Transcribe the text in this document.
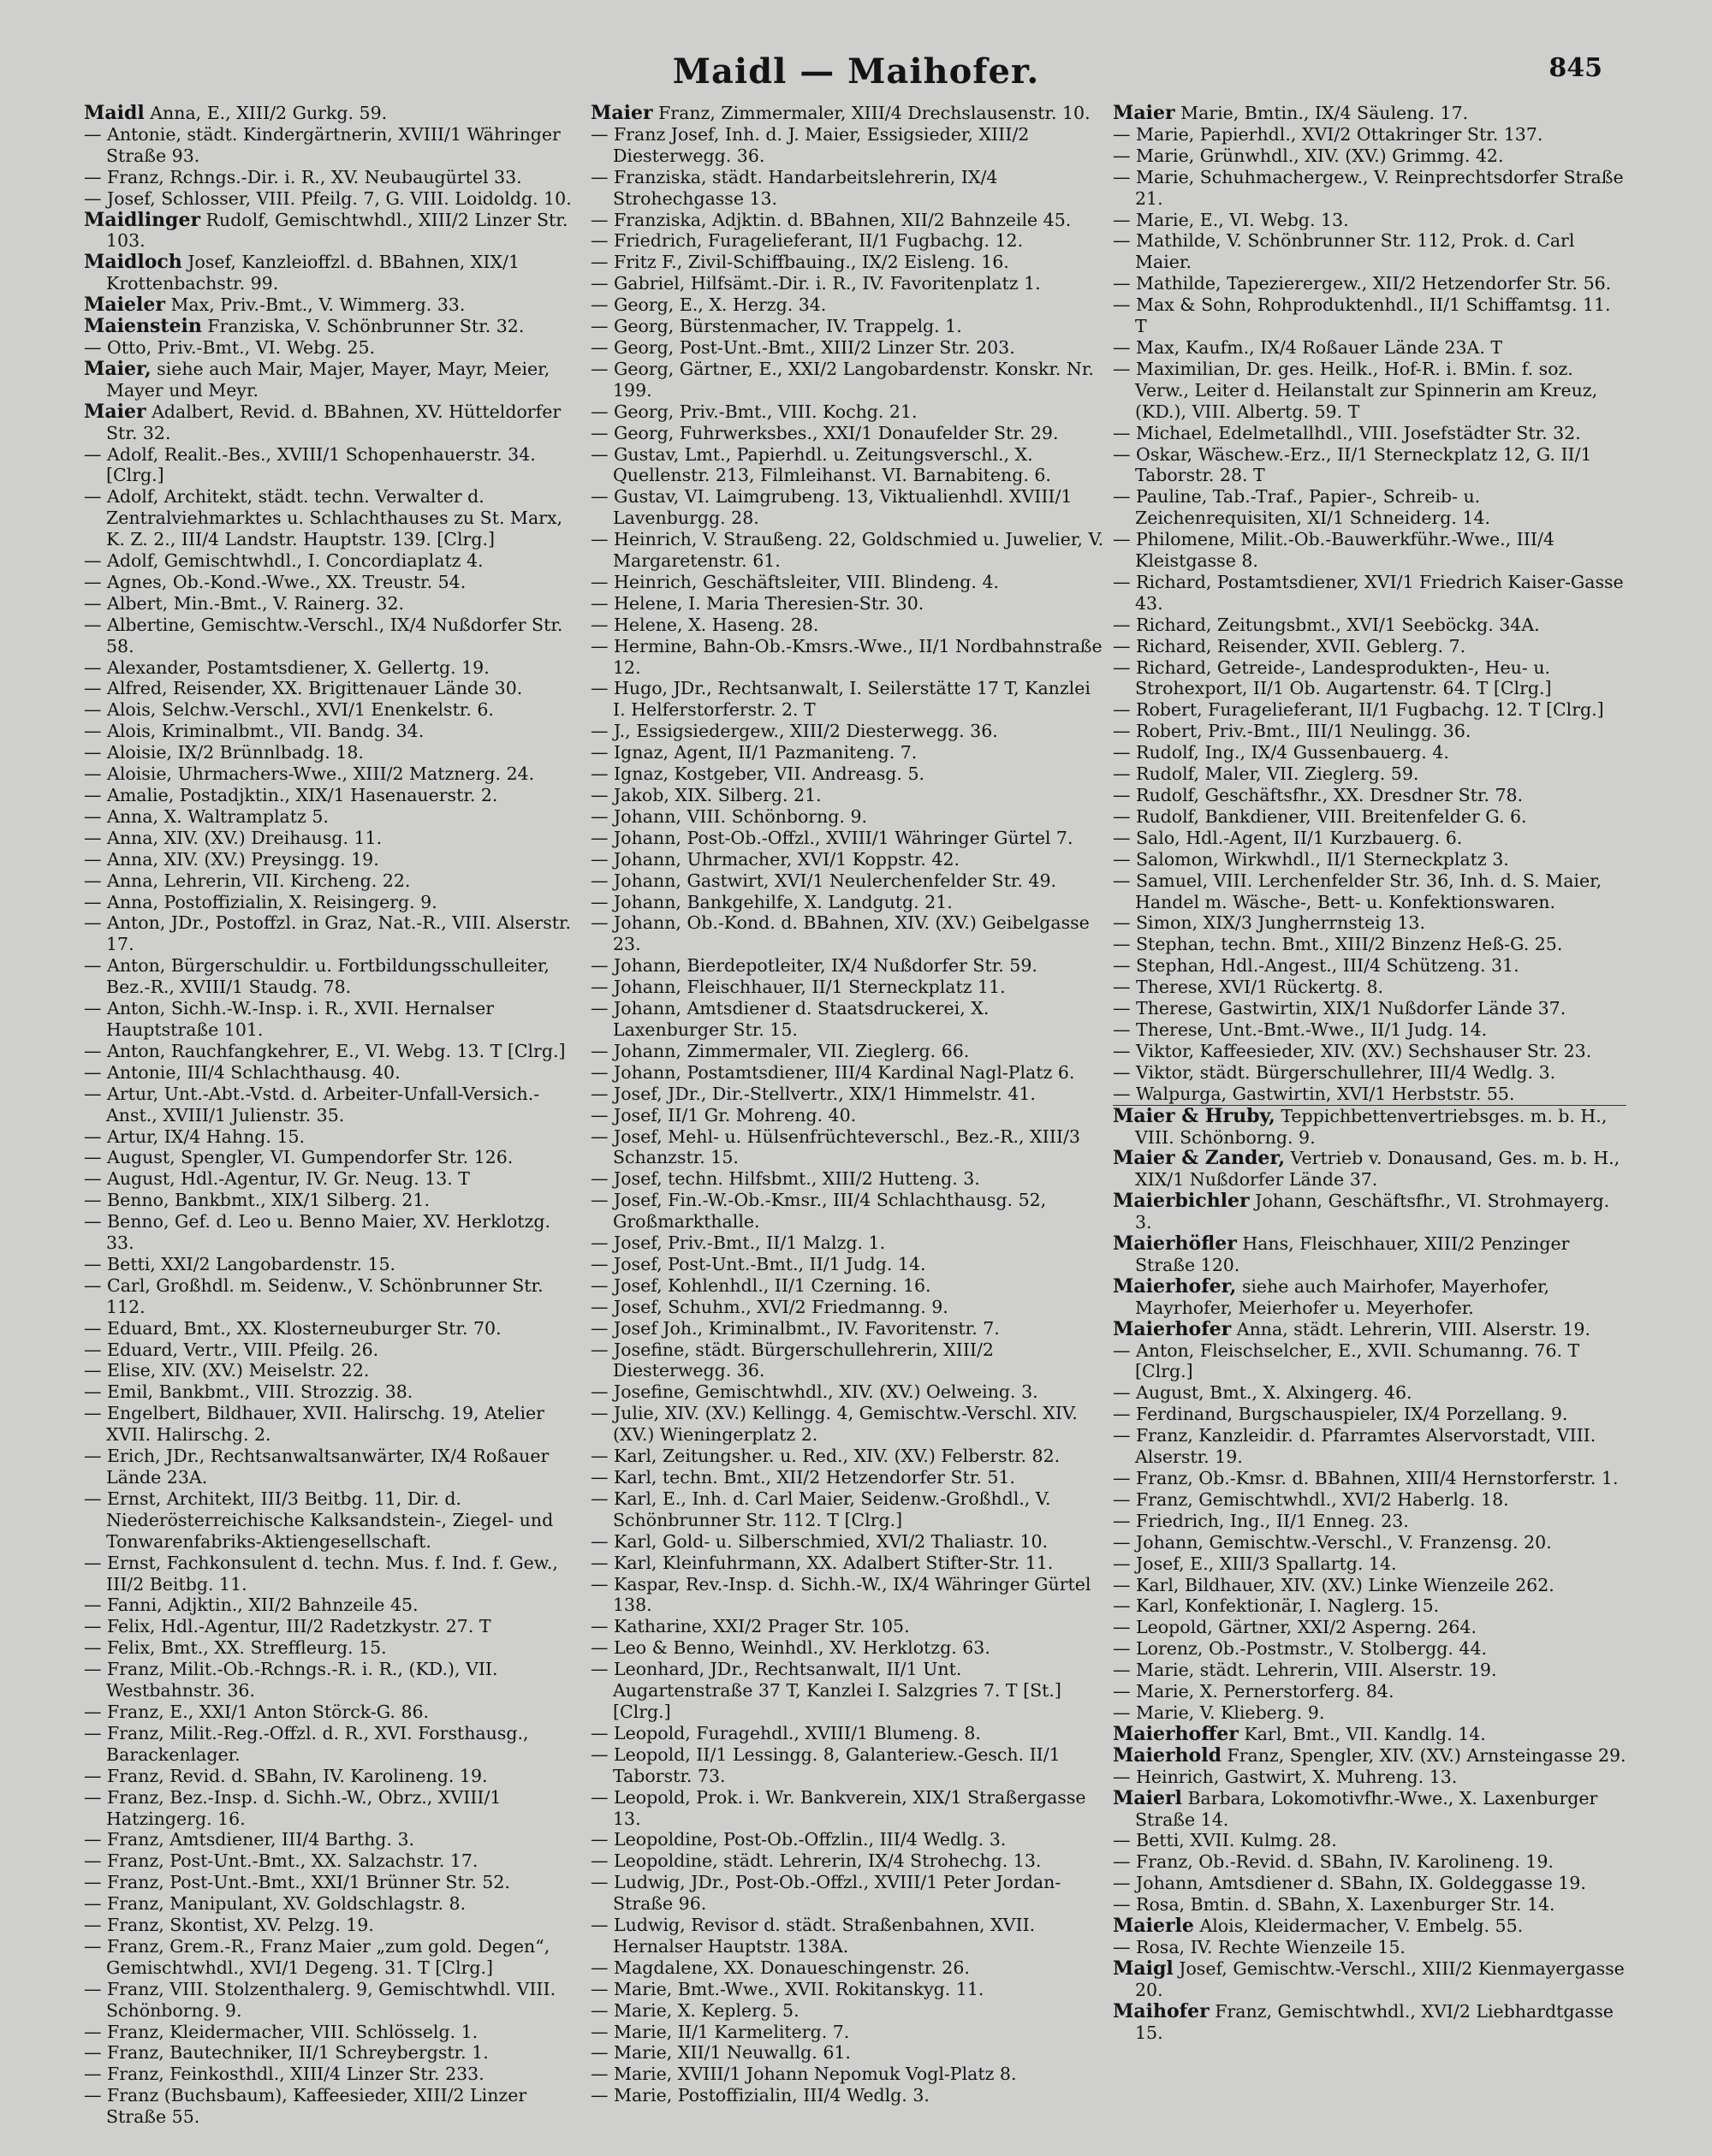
Maidl — Maihofer.	845

Maidl Anna, E., XIII/2 Gurkg. 59.

— Antonie, städt. Kindergärtnerin, XVIII/1 Währinger Straße 93.

— Franz, Rchngs.-Dir. i. R., XV. Neubaugürtel 33.

— Josef, Schlosser, VIII. Pfeilg. 7, G. VIII. Loidoldg. 10.

Maidlinger Rudolf, Gemischtwhdl., XIII/2 Linzer Str. 103.

Maidloch Josef, Kanzleioffzl. d. BBahnen, XIX/1 Krottenbachstr. 99.

Maieler Max, Priv.-Bmt., V. Wimmerg. 33.

Maienstein Franziska, V. Schönbrunner Str. 32.

— Otto, Priv.-Bmt., VI. Webg. 25.

Maier, siehe auch Mair, Majer, Mayer, Mayr, Meier, Mayer und Meyr.

Maier Adalbert, Revid. d. BBahnen, XV. Hütteldorfer Str. 32.

— Adolf, Realit.-Bes., XVIII/1 Schopenhauerstr. 34. [Clrg.]

— Adolf, Architekt, städt. techn. Verwalter d. Zentralviehmarktes u. Schlachthauses zu St. Marx, K. Z. 2., III/4 Landstr. Hauptstr. 139. [Clrg.]

— Adolf, Gemischtwhdl., I. Concordiaplatz 4.

— Agnes, Ob.-Kond.-Wwe., XX. Treustr. 54.

— Albert, Min.-Bmt., V. Rainerg. 32.

— Albertine, Gemischtw.-Verschl., IX/4 Nußdorfer Str. 58.

— Alexander, Postamtsdiener, X. Gellertg. 19.

— Alfred, Reisender, XX. Brigittenauer Lände 30.

— Alois, Selchw.-Verschl., XVI/1 Enenkelstr. 6.

— Alois, Kriminalbmt., VII. Bandg. 34.

— Aloisie, IX/2 Brünnlbadg. 18.

— Aloisie, Uhrmachers-Wwe., XIII/2 Matznerg. 24.

— Amalie, Postadjktin., XIX/1 Hasenauerstr. 2.

— Anna, X. Waltramplatz 5.

— Anna, XIV. (XV.) Dreihausg. 11.

— Anna, XIV. (XV.) Preysingg. 19.

— Anna, Lehrerin, VII. Kircheng. 22.

— Anna, Postoffizialin, X. Reisingerg. 9.

— Anton, JDr., Postoffzl. in Graz, Nat.-R., VIII. Alserstr. 17.

— Anton, Bürgerschuldir. u. Fortbildungsschulleiter, Bez.-R., XVIII/1 Staudg. 78.

— Anton, Sichh.-W.-Insp. i. R., XVII. Hernalser Hauptstraße 101.

— Anton, Rauchfangkehrer, E., VI. Webg. 13. T [Clrg.]

— Antonie, III/4 Schlachthausg. 40.

— Artur, Unt.-Abt.-Vstd. d. Arbeiter-Unfall-Versich.-Anst., XVIII/1 Julienstr. 35.

— Artur, IX/4 Hahng. 15.

— August, Spengler, VI. Gumpendorfer Str. 126.

— August, Hdl.-Agentur, IV. Gr. Neug. 13. T

— Benno, Bankbmt., XIX/1 Silberg. 21.

— Benno, Gef. d. Leo u. Benno Maier, XV. Herklotzg. 33.

— Betti, XXI/2 Langobardenstr. 15.

— Carl, Großhdl. m. Seidenw., V. Schönbrunner Str. 112.

— Eduard, Bmt., XX. Klosterneuburger Str. 70.

— Eduard, Vertr., VIII. Pfeilg. 26.

— Elise, XIV. (XV.) Meiselstr. 22.

— Emil, Bankbmt., VIII. Strozzig. 38.

— Engelbert, Bildhauer, XVII. Halirschg. 19, Atelier XVII. Halirschg. 2.

— Erich, JDr., Rechtsanwaltsanwärter, IX/4 Roßauer Lände 23A.

— Ernst, Architekt, III/3 Beitbg. 11, Dir. d. Niederösterreichische Kalksandstein-, Ziegel- und Tonwarenfabriks-Aktiengesellschaft.

— Ernst, Fachkonsulent d. techn. Mus. f. Ind. f. Gew., III/2 Beitbg. 11.

— Fanni, Adjktin., XII/2 Bahnzeile 45.

— Felix, Hdl.-Agentur, III/2 Radetzkystr. 27. T

— Felix, Bmt., XX. Streffleurg. 15.

— Franz, Milit.-Ob.-Rchngs.-R. i. R., (KD.), VII. Westbahnstr. 36.

— Franz, E., XXI/1 Anton Störck-G. 86.

— Franz, Milit.-Reg.-Offzl. d. R., XVI. Forsthausg., Barackenlager.

— Franz, Revid. d. SBahn, IV. Karolineng. 19.

— Franz, Bez.-Insp. d. Sichh.-W., Obrz., XVIII/1 Hatzingerg. 16.

— Franz, Amtsdiener, III/4 Barthg. 3.

— Franz, Post-Unt.-Bmt., XX. Salzachstr. 17.

— Franz, Post-Unt.-Bmt., XXI/1 Brünner Str. 52.

— Franz, Manipulant, XV. Goldschlagstr. 8.

— Franz, Skontist, XV. Pelzg. 19.

— Franz, Grem.-R., Franz Maier „zum gold. Degen“, Gemischtwhdl., XVI/1 Degeng. 31. T [Clrg.]

— Franz, VIII. Stolzenthalerg. 9, Gemischtwhdl. VIII. Schönborng. 9.

— Franz, Kleidermacher, VIII. Schlösselg. 1.

— Franz, Bautechniker, II/1 Schreybergstr. 1.

— Franz, Feinkosthdl., XIII/4 Linzer Str. 233.

— Franz (Buchsbaum), Kaffeesieder, XIII/2 Linzer Straße 55.

Maier Franz, Zimmermaler, XIII/4 Drechslausenstr. 10.

— Franz Josef, Inh. d. J. Maier, Essigsieder, XIII/2 Diesterwegg. 36.

— Franziska, städt. Handarbeitslehrerin, IX/4 Strohechgasse 13.

— Franziska, Adjktin. d. BBahnen, XII/2 Bahnzeile 45.

— Friedrich, Furagelieferant, II/1 Fugbachg. 12.

— Fritz F., Zivil-Schiffbauing., IX/2 Eisleng. 16.

— Gabriel, Hilfsämt.-Dir. i. R., IV. Favoritenplatz 1.

— Georg, E., X. Herzg. 34.

— Georg, Bürstenmacher, IV. Trappelg. 1.

— Georg, Post-Unt.-Bmt., XIII/2 Linzer Str. 203.

— Georg, Gärtner, E., XXI/2 Langobardenstr. Konskr. Nr. 199.

— Georg, Priv.-Bmt., VIII. Kochg. 21.

— Georg, Fuhrwerksbes., XXI/1 Donaufelder Str. 29.

— Gustav, Lmt., Papierhdl. u. Zeitungsverschl., X. Quellenstr. 213, Filmleihanst. VI. Barnabiteng. 6.

— Gustav, VI. Laimgrubeng. 13, Viktualienhdl. XVIII/1 Lavenburgg. 28.

— Heinrich, V. Straußeng. 22, Goldschmied u. Juwelier, V. Margaretenstr. 61.

— Heinrich, Geschäftsleiter, VIII. Blindeng. 4.

— Helene, I. Maria Theresien-Str. 30.

— Helene, X. Haseng. 28.

— Hermine, Bahn-Ob.-Kmsrs.-Wwe., II/1 Nordbahnstraße 12.

— Hugo, JDr., Rechtsanwalt, I. Seilerstätte 17 T, Kanzlei I. Helferstorferstr. 2. T

— J., Essigsiedergew., XIII/2 Diesterwegg. 36.

— Ignaz, Agent, II/1 Pazmaniteng. 7.

— Ignaz, Kostgeber, VII. Andreasg. 5.

— Jakob, XIX. Silberg. 21.

— Johann, VIII. Schönborng. 9.

— Johann, Post-Ob.-Offzl., XVIII/1 Währinger Gürtel 7.

— Johann, Uhrmacher, XVI/1 Koppstr. 42.

— Johann, Gastwirt, XVI/1 Neulerchenfelder Str. 49.

— Johann, Bankgehilfe, X. Landgutg. 21.

— Johann, Ob.-Kond. d. BBahnen, XIV. (XV.) Geibelgasse 23.

— Johann, Bierdepotleiter, IX/4 Nußdorfer Str. 59.

— Johann, Fleischhauer, II/1 Sterneckplatz 11.

— Johann, Amtsdiener d. Staatsdruckerei, X. Laxenburger Str. 15.

— Johann, Zimmermaler, VII. Zieglerg. 66.

— Johann, Postamtsdiener, III/4 Kardinal Nagl-Platz 6.

— Josef, JDr., Dir.-Stellvertr., XIX/1 Himmelstr. 41.

— Josef, II/1 Gr. Mohreng. 40.

— Josef, Mehl- u. Hülsenfrüchteverschl., Bez.-R., XIII/3 Schanzstr. 15.

— Josef, techn. Hilfsbmt., XIII/2 Hutteng. 3.

— Josef, Fin.-W.-Ob.-Kmsr., III/4 Schlachthausg. 52, Großmarkthalle.

— Josef, Priv.-Bmt., II/1 Malzg. 1.

— Josef, Post-Unt.-Bmt., II/1 Judg. 14.

— Josef, Kohlenhdl., II/1 Czerning. 16.

— Josef, Schuhm., XVI/2 Friedmanng. 9.

— Josef Joh., Kriminalbmt., IV. Favoritenstr. 7.

— Josefine, städt. Bürgerschullehrerin, XIII/2 Diesterwegg. 36.

— Josefine, Gemischtwhdl., XIV. (XV.) Oelweing. 3.

— Julie, XIV. (XV.) Kellingg. 4, Gemischtw.-Verschl. XIV. (XV.) Wieningerplatz 2.

— Karl, Zeitungsher. u. Red., XIV. (XV.) Felberstr. 82.

— Karl, techn. Bmt., XII/2 Hetzendorfer Str. 51.

— Karl, E., Inh. d. Carl Maier, Seidenw.-Großhdl., V. Schönbrunner Str. 112. T [Clrg.]

— Karl, Gold- u. Silberschmied, XVI/2 Thaliastr. 10.

— Karl, Kleinfuhrmann, XX. Adalbert Stifter-Str. 11.

— Kaspar, Rev.-Insp. d. Sichh.-W., IX/4 Währinger Gürtel 138.

— Katharine, XXI/2 Prager Str. 105.

— Leo & Benno, Weinhdl., XV. Herklotzg. 63.

— Leonhard, JDr., Rechtsanwalt, II/1 Unt. Augartenstraße 37 T, Kanzlei I. Salzgries 7. T [St.] [Clrg.]

— Leopold, Furagehdl., XVIII/1 Blumeng. 8.

— Leopold, II/1 Lessingg. 8, Galanteriew.-Gesch. II/1 Taborstr. 73.

— Leopold, Prok. i. Wr. Bankverein, XIX/1 Straßergasse 13.

— Leopoldine, Post-Ob.-Offzlin., III/4 Wedlg. 3.

— Leopoldine, städt. Lehrerin, IX/4 Strohechg. 13.

— Ludwig, JDr., Post-Ob.-Offzl., XVIII/1 Peter Jordan-Straße 96.

— Ludwig, Revisor d. städt. Straßenbahnen, XVII. Hernalser Hauptstr. 138A.

— Magdalene, XX. Donaueschingenstr. 26.

— Marie, Bmt.-Wwe., XVII. Rokitanskyg. 11.

— Marie, X. Keplerg. 5.

— Marie, II/1 Karmeliterg. 7.

— Marie, XII/1 Neuwallg. 61.

— Marie, XVIII/1 Johann Nepomuk Vogl-Platz 8.

— Marie, Postoffizialin, III/4 Wedlg. 3.

Maier Marie, Bmtin., IX/4 Säuleng. 17.

— Marie, Papierhdl., XVI/2 Ottakringer Str. 137.

— Marie, Grünwhdl., XIV. (XV.) Grimmg. 42.

— Marie, Schuhmachergew., V. Reinprechtsdorfer Straße 21.

— Marie, E., VI. Webg. 13.

— Mathilde, V. Schönbrunner Str. 112, Prok. d. Carl Maier.

— Mathilde, Tapezierergew., XII/2 Hetzendorfer Str. 56.

— Max & Sohn, Rohproduktenhdl., II/1 Schiffamtsg. 11. T

— Max, Kaufm., IX/4 Roßauer Lände 23A. T

— Maximilian, Dr. ges. Heilk., Hof-R. i. BMin. f. soz. Verw., Leiter d. Heilanstalt zur Spinnerin am Kreuz, (KD.), VIII. Albertg. 59. T

— Michael, Edelmetallhdl., VIII. Josefstädter Str. 32.

— Oskar, Wäschew.-Erz., II/1 Sterneckplatz 12, G. II/1 Taborstr. 28. T

— Pauline, Tab.-Traf., Papier-, Schreib- u. Zeichenrequisiten, XI/1 Schneiderg. 14.

— Philomene, Milit.-Ob.-Bauwerkführ.-Wwe., III/4 Kleistgasse 8.

— Richard, Postamtsdiener, XVI/1 Friedrich Kaiser-Gasse 43.

— Richard, Zeitungsbmt., XVI/1 Seeböckg. 34A.

— Richard, Reisender, XVII. Geblerg. 7.

— Richard, Getreide-, Landesprodukten-, Heu- u. Strohexport, II/1 Ob. Augartenstr. 64. T [Clrg.]

— Robert, Furagelieferant, II/1 Fugbachg. 12. T [Clrg.]

— Robert, Priv.-Bmt., III/1 Neulingg. 36.

— Rudolf, Ing., IX/4 Gussenbauerg. 4.

— Rudolf, Maler, VII. Zieglerg. 59.

— Rudolf, Geschäftsfhr., XX. Dresdner Str. 78.

— Rudolf, Bankdiener, VIII. Breitenfelder G. 6.

— Salo, Hdl.-Agent, II/1 Kurzbauerg. 6.

— Salomon, Wirkwhdl., II/1 Sterneckplatz 3.

— Samuel, VIII. Lerchenfelder Str. 36, Inh. d. S. Maier, Handel m. Wäsche-, Bett- u. Konfektionswaren.

— Simon, XIX/3 Jungherrnsteig 13.

— Stephan, techn. Bmt., XIII/2 Binzenz Heß-G. 25.

— Stephan, Hdl.-Angest., III/4 Schützeng. 31.

— Therese, XVI/1 Rückertg. 8.

— Therese, Gastwirtin, XIX/1 Nußdorfer Lände 37.

— Therese, Unt.-Bmt.-Wwe., II/1 Judg. 14.

— Viktor, Kaffeesieder, XIV. (XV.) Sechshauser Str. 23.

— Viktor, städt. Bürgerschullehrer, III/4 Wedlg. 3.

— Walpurga, Gastwirtin, XVI/1 Herbststr. 55.

Maier & Hruby, Teppichbettenvertriebsges. m. b. H., VIII. Schönborng. 9.

Maier & Zander, Vertrieb v. Donausand, Ges. m. b. H., XIX/1 Nußdorfer Lände 37.

Maierbichler Johann, Geschäftsfhr., VI. Strohmayerg. 3.

Maierhöfler Hans, Fleischhauer, XIII/2 Penzinger Straße 120.

Maierhofer, siehe auch Mairhofer, Mayerhofer, Mayrhofer, Meierhofer u. Meyerhofer.

Maierhofer Anna, städt. Lehrerin, VIII. Alserstr. 19.

— Anton, Fleischselcher, E., XVII. Schumanng. 76. T [Clrg.]

— August, Bmt., X. Alxingerg. 46.

— Ferdinand, Burgschauspieler, IX/4 Porzellang. 9.

— Franz, Kanzleidir. d. Pfarramtes Alservorstadt, VIII. Alserstr. 19.

— Franz, Ob.-Kmsr. d. BBahnen, XIII/4 Hernstorferstr. 1.

— Franz, Gemischtwhdl., XVI/2 Haberlg. 18.

— Friedrich, Ing., II/1 Enneg. 23.

— Johann, Gemischtw.-Verschl., V. Franzensg. 20.

— Josef, E., XIII/3 Spallartg. 14.

— Karl, Bildhauer, XIV. (XV.) Linke Wienzeile 262.

— Karl, Konfektionär, I. Naglerg. 15.

— Leopold, Gärtner, XXI/2 Asperng. 264.

— Lorenz, Ob.-Postmstr., V. Stolbergg. 44.

— Marie, städt. Lehrerin, VIII. Alserstr. 19.

— Marie, X. Pernerstorferg. 84.

— Marie, V. Klieberg. 9.

Maierhoffer Karl, Bmt., VII. Kandlg. 14.

Maierhold Franz, Spengler, XIV. (XV.) Arnsteingasse 29.

— Heinrich, Gastwirt, X. Muhreng. 13.

Maierl Barbara, Lokomotivfhr.-Wwe., X. Laxenburger Straße 14.

— Betti, XVII. Kulmg. 28.

— Franz, Ob.-Revid. d. SBahn, IV. Karolineng. 19.

— Johann, Amtsdiener d. SBahn, IX. Goldeggasse 19.

— Rosa, Bmtin. d. SBahn, X. Laxenburger Str. 14.

Maierle Alois, Kleidermacher, V. Embelg. 55.

— Rosa, IV. Rechte Wienzeile 15.

Maigl Josef, Gemischtw.-Verschl., XIII/2 Kienmayergasse 20.

Maihofer Franz, Gemischtwhdl., XVI/2 Liebhardtgasse 15.
